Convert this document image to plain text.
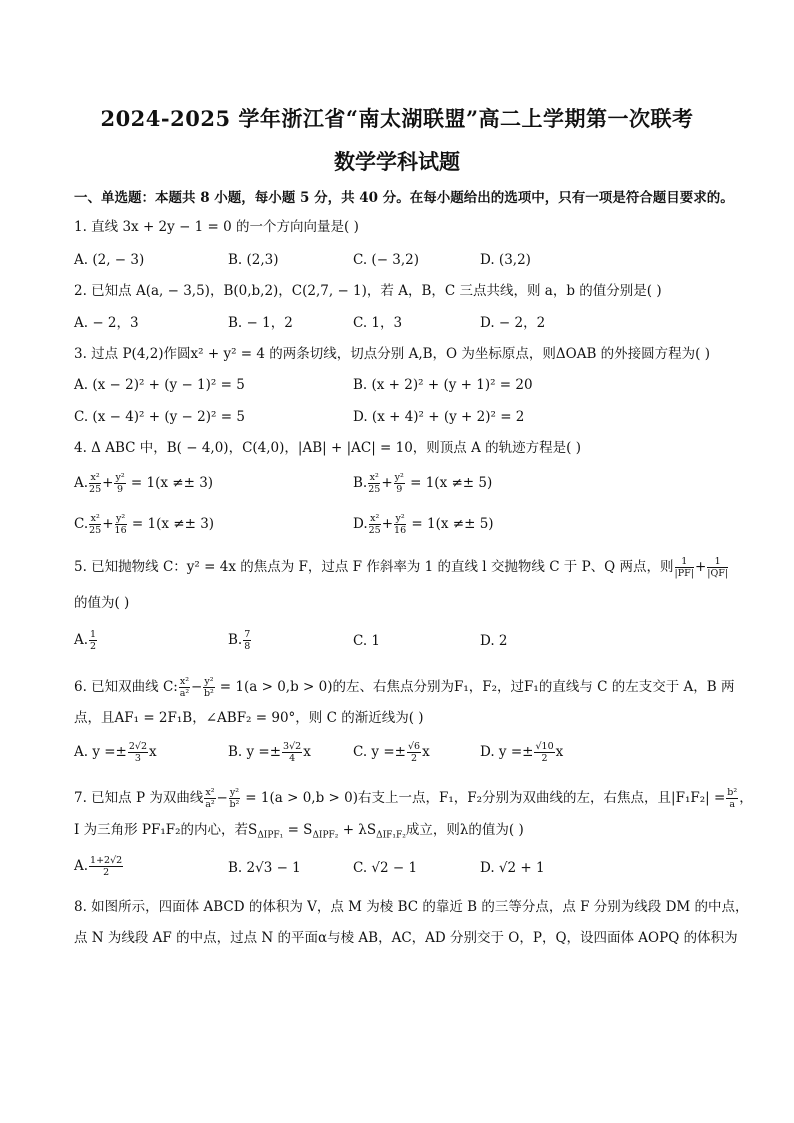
2024-2025 学年浙江省“南太湖联盟”高二上学期第一次联考
数学学科试题
一、单选题：本题共 8 小题，每小题 5 分，共 40 分。在每小题给出的选项中，只有一项是符合题目要求的。
1. 直线 3x + 2y − 1 = 0 的一个方向向量是( )
A. (2, − 3)	B. (2,3)	C. (− 3,2)	D. (3,2)
2. 已知点 A(a, − 3,5)，B(0,b,2)，C(2,7, − 1)，若 A，B，C 三点共线，则 a，b 的值分别是( )
A. − 2，3	B. − 1，2	C. 1，3	D. − 2，2
3. 过点 P(4,2)作圆x² + y² = 4 的两条切线，切点分别 A,B，O 为坐标原点，则ΔOAB 的外接圆方程为( )
A. (x − 2)² + (y − 1)² = 5	B. (x + 2)² + (y + 1)² = 20
C. (x − 4)² + (y − 2)² = 5	D. (x + 4)² + (y + 2)² = 2
4. Δ ABC 中，B( − 4,0)，C(4,0)，|AB| + |AC| = 10，则顶点 A 的轨迹方程是( )
A. $\frac{\text{x²}}{25} + \frac{\text{y²}}{9} = 1(x \ne\pm 3)$	B. $\frac{\text{x²}}{25} + \frac{\text{y²}}{9} = 1(x \ne\pm 5)$
C. $\frac{\text{x²}}{25} + \frac{\text{y²}}{16} = 1(x \ne\pm 3)$	D. $\frac{\text{x²}}{25} + \frac{\text{y²}}{16} = 1(x \ne\pm 5)$
5. 已知抛物线 C：y² = 4x 的焦点为 F，过点 F 作斜率为 1 的直线 l 交抛物线 C 于 P、Q 两点，则 $\frac{1}{|PF|} + \frac{1}{|QF|}$
的值为( )
A. $\frac{1}{2}$	B. $\frac{7}{8}$	C. 1	D. 2
6. 已知双曲线 C: $\frac{\text{x²}}{\text{a²}} - \frac{\text{y²}}{\text{b²}} = 1(a > 0,b > 0)$的左、右焦点分别为F₁，F₂，过F₁的直线与 C 的左支交于 A，B 两
点，且AF₁ = 2F₁B，∠ABF₂ = 90°，则 C 的渐近线为( )
A. $y =\pm \frac{2√2}{3}$ x	B. $y =\pm \frac{3√2}{4}$ x	C. $y =\pm \frac{√6}{2}$ x	D. $y =\pm \frac{√10}{2}$ x
7. 已知点 P 为双曲线 $\frac{\text{x²}}{\text{a²}} - \frac{\text{y²}}{\text{b²}} = 1(a > 0,b > 0)$右支上一点，F₁，F₂分别为双曲线的左，右焦点，且$|F_1F_2| = \frac{\text{b²}}{a}$ ，
I 为三角形 PF₁F₂的内心，若$S_{\Delta IPF_1} = S_{\Delta IPF_2} + \lambda S_{\Delta IF_1F_2}$成立，则λ的值为( )
A. $\frac{1+2√2}{2}$	B. 2√3 − 1	C. √2 − 1	D. √2 + 1
8. 如图所示，四面体 ABCD 的体积为 V，点 M 为棱 BC 的靠近 B 的三等分点，点 F 分别为线段 DM 的中点，
点 N 为线段 AF 的中点，过点 N 的平面α与棱 AB，AC，AD 分别交于 O，P，Q，设四面体 AOPQ 的体积为
